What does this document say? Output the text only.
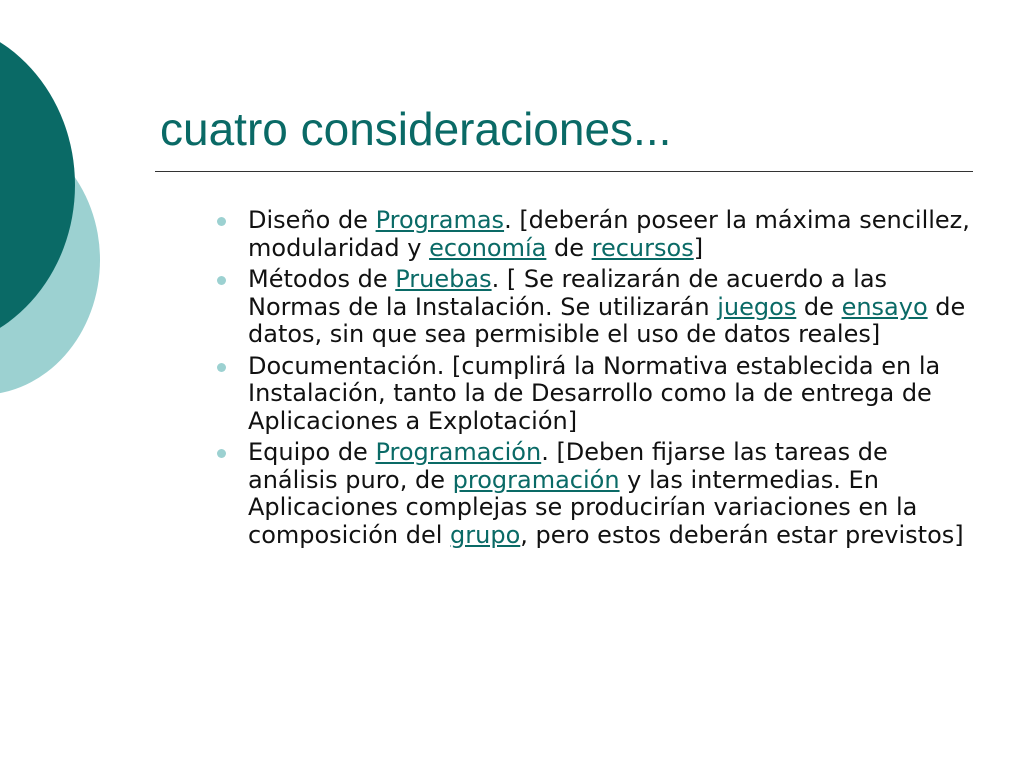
cuatro consideraciones...
Diseño de Programas. [deberán poseer la máxima sencillez, modularidad y economía de recursos]
Métodos de Pruebas. [ Se realizarán de acuerdo a las Normas de la Instalación. Se utilizarán juegos de ensayo de datos, sin que sea permisible el uso de datos reales]
Documentación. [cumplirá la Normativa establecida en la Instalación, tanto la de Desarrollo como la de entrega de Aplicaciones a Explotación]
Equipo de Programación. [Deben fijarse las tareas de análisis puro, de programación y las intermedias. En Aplicaciones complejas se producirían variaciones en la composición del grupo, pero estos deberán estar previstos]
